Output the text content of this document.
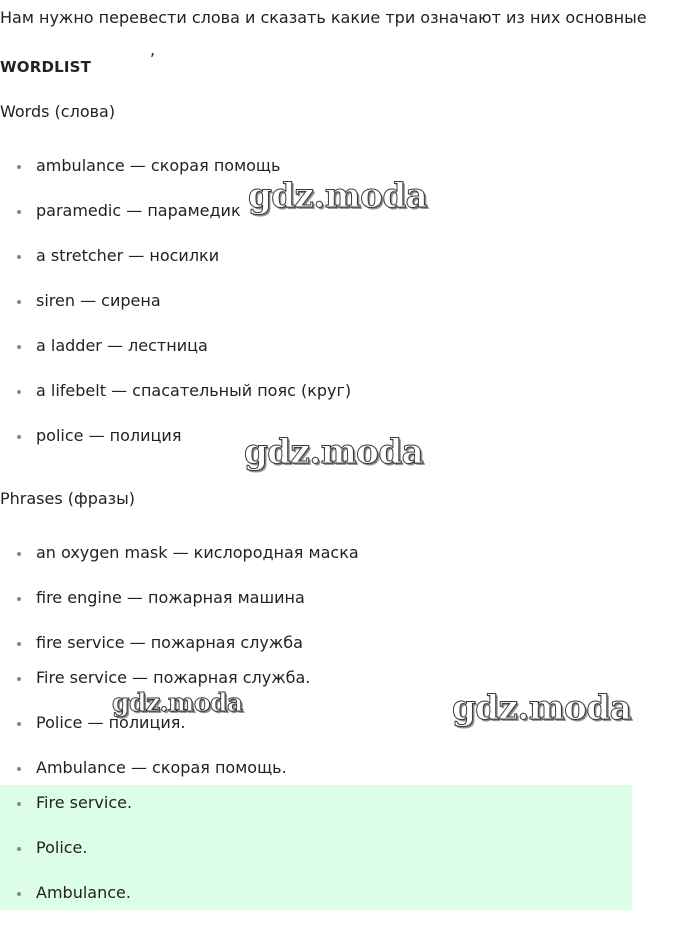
Нам нужно перевести слова и сказать какие три означают из них основные
,
WORDLIST
Words (слова)
ambulance — скорая помощь
paramedic — парамедик
a stretcher — носилки
siren — сирена
a ladder — лестница
a lifebelt — спасательный пояс (круг)
police — полиция
Phrases (фразы)
an oxygen mask — кислородная маска
fire engine — пожарная машина
fire service — пожарная служба
Fire service — пожарная служба.
Police — полиция.
Ambulance — скорая помощь.
Fire service.
Police.
Ambulance.
gdz.moda
gdz.moda
gdz.moda	gdz.moda
